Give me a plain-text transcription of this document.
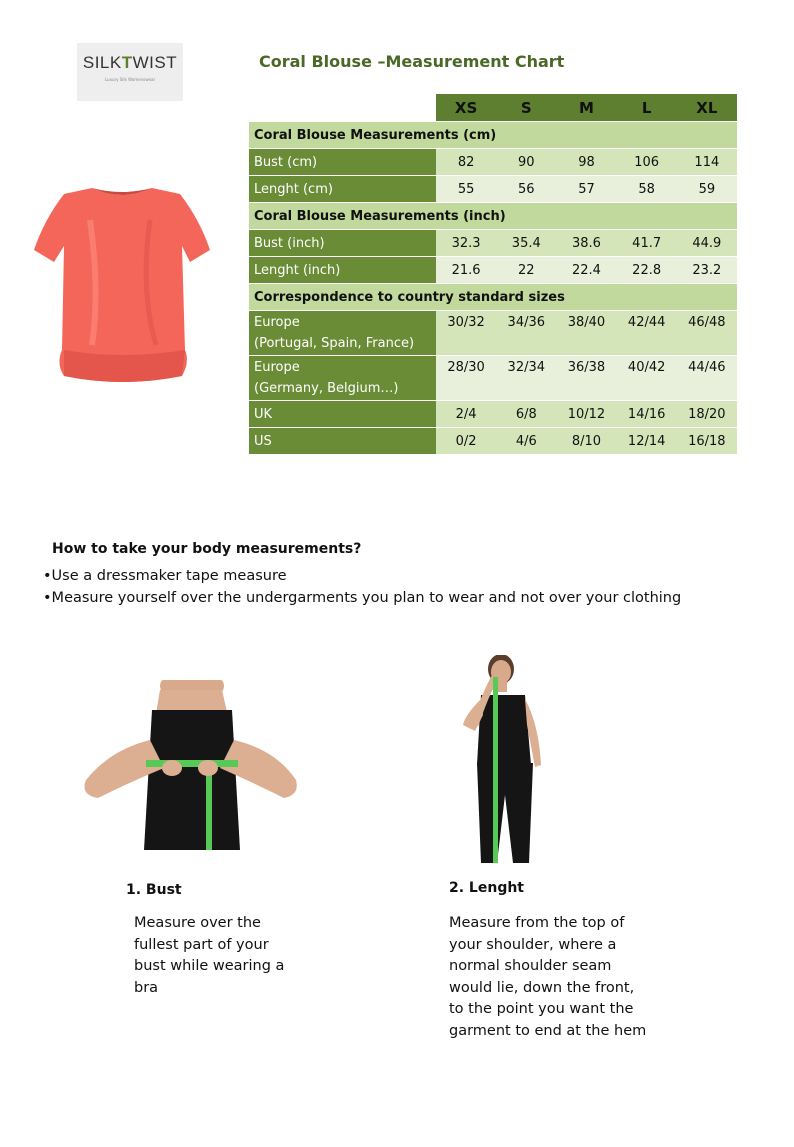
SILKTWIST
Luxury Silk Womenswear
Coral Blouse –Measurement Chart
XS	S	M	L	XL
Coral Blouse Measurements (cm)
Bust (cm)	82	90	98	106	114
Lenght (cm)	55	56	57	58	59
Coral Blouse Measurements (inch)
Bust (inch)	32.3	35.4	38.6	41.7	44.9
Lenght (inch)	21.6	22	22.4	22.8	23.2
Correspondence to country standard sizes
Europe
(Portugal, Spain, France)
30/32	34/36	38/40	42/44	46/48
Europe
(Germany, Belgium…)
28/30	32/34	36/38	40/42	44/46
UK	2/4	6/8	10/12	14/16	18/20
US	0/2	4/6	8/10	12/14	16/18
How to take your body measurements?
•Use a dressmaker tape measure
•Measure yourself over the undergarments you plan to wear and not over your clothing
1. Bust
Measure over the
fullest part of your
bust while wearing a
bra
2. Lenght
Measure from the top of
your shoulder, where a
normal shoulder seam
would lie, down the front,
to the point you want the
garment to end at the hem
